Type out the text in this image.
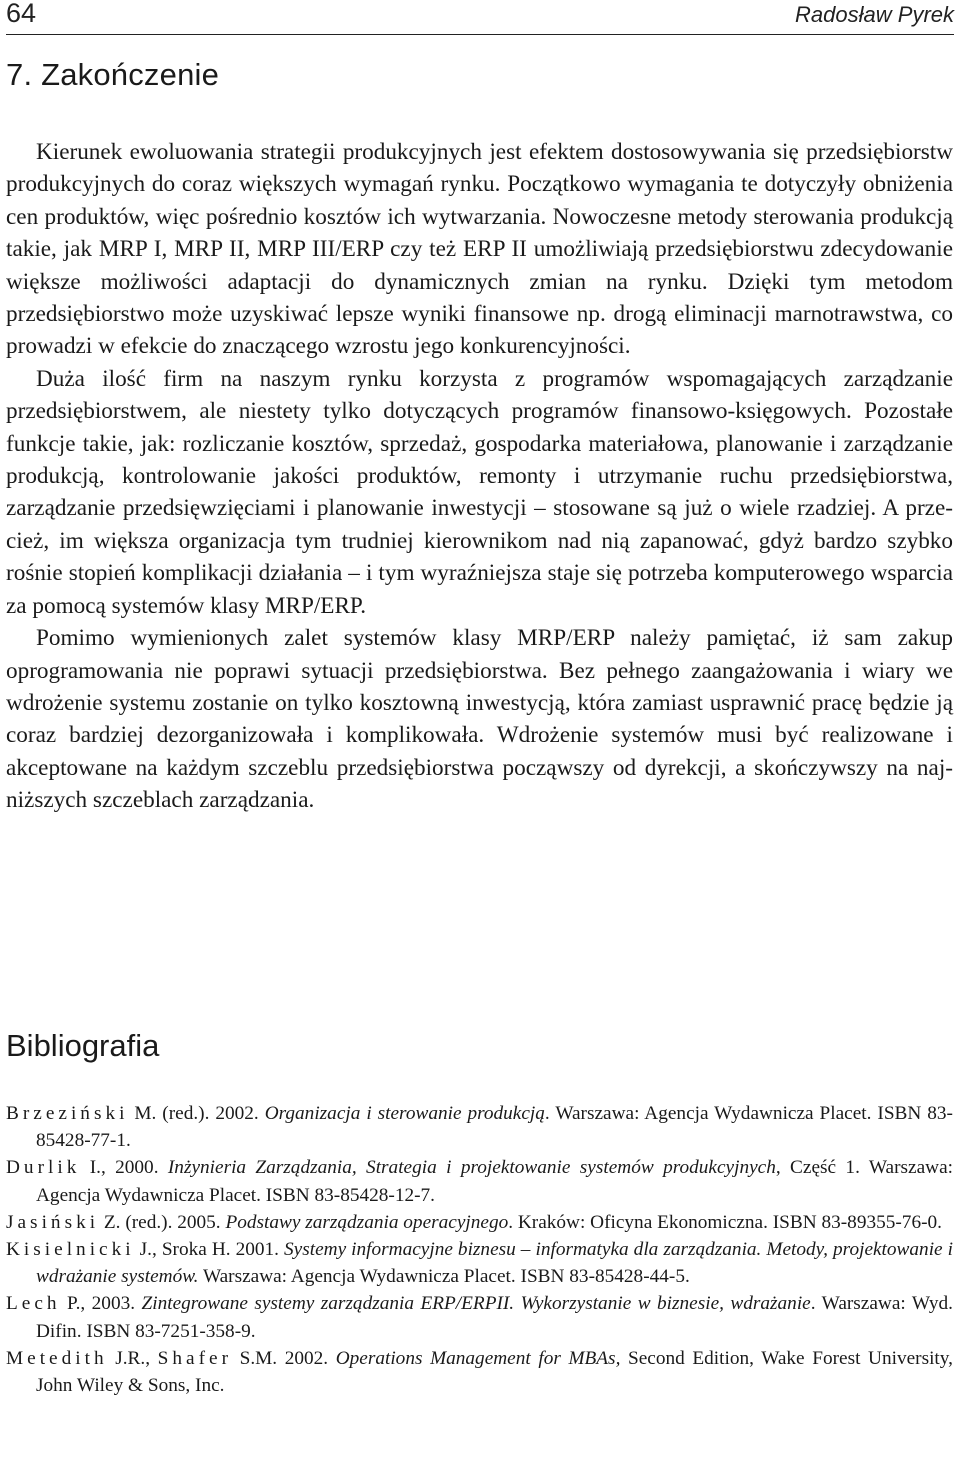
64	Radosław Pyrek
7. Zakończenie

Kierunek ewoluowania strategii produkcyjnych jest efektem dostosowywania się przedsiębiorstw produkcyjnych do coraz większych wymagań rynku. Początkowo wymagania te dotyczyły obniżenia cen produktów, więc pośrednio kosztów ich wytwarzania. Nowoczesne metody sterowania produkcją takie, jak MRP I, MRP II, MRP III/ERP czy też ERP II umożliwiają przedsiębiorstwu zdecydowanie większe możliwości adaptacji do dynamicznych zmian na rynku. Dzięki tym metodom przedsiębiorstwo może uzyskiwać lepsze wyniki finansowe np. drogą eliminacji marnotrawstwa, co prowadzi w efekcie do znaczącego wzrostu jego konkurencyjności.

Duża ilość firm na naszym rynku korzysta z programów wspomagających zarządzanie przedsiębiorstwem, ale niestety tylko dotyczących programów finansowo-księgowych. Pozostałe funkcje takie, jak: rozliczanie kosztów, sprzedaż, gospodarka materiałowa, planowanie i zarządzanie produkcją, kontrolowanie jakości produktów, remonty i utrzymanie ruchu przedsiębiorstwa, zarządzanie przedsięwzięciami i planowanie inwestycji – stosowane są już o wiele rzadziej. A przecież, im większa organizacja tym trudniej kierownikom nad nią zapanować, gdyż bardzo szybko rośnie stopień komplikacji działania – i tym wyraźniejsza staje się potrzeba komputerowego wsparcia za pomocą systemów klasy MRP/ERP.

Pomimo wymienionych zalet systemów klasy MRP/ERP należy pamiętać, iż sam zakup oprogramowania nie poprawi sytuacji przedsiębiorstwa. Bez pełnego zaangażowania i wiary we wdrożenie systemu zostanie on tylko kosztowną inwestycją, która zamiast usprawnić pracę będzie ją coraz bardziej dezorganizowała i komplikowała. Wdrożenie systemów musi być realizowane i akceptowane na każdym szczeblu przedsiębiorstwa począwszy od dyrekcji, a skończywszy na najniższych szczeblach zarządzania.

Bibliografia
Brzeziński M. (red.). 2002. Organizacja i sterowanie produkcją. Warszawa: Agencja Wydawnicza Placet. ISBN 83-85428-77-1.
Durlik I., 2000. Inżynieria Zarządzania, Strategia i projektowanie systemów produkcyjnych, Część 1. Warszawa: Agencja Wydawnicza Placet. ISBN 83-85428-12-7.
Jasiński Z. (red.). 2005. Podstawy zarządzania operacyjnego. Kraków: Oficyna Ekonomiczna. ISBN 83-89355-76-0.
Kisielnicki J., Sroka H. 2001. Systemy informacyjne biznesu – informatyka dla zarządzania. Metody, projektowanie i wdrażanie systemów. Warszawa: Agencja Wydawnicza Placet. ISBN 83-85428-44-5.
Lech P., 2003. Zintegrowane systemy zarządzania ERP/ERPII. Wykorzystanie w biznesie, wdrażanie. Warszawa: Wyd. Difin. ISBN 83-7251-358-9.
Metedith J.R., Shafer S.M. 2002. Operations Management for MBAs, Second Edition, Wake Forest University, John Wiley & Sons, Inc.
